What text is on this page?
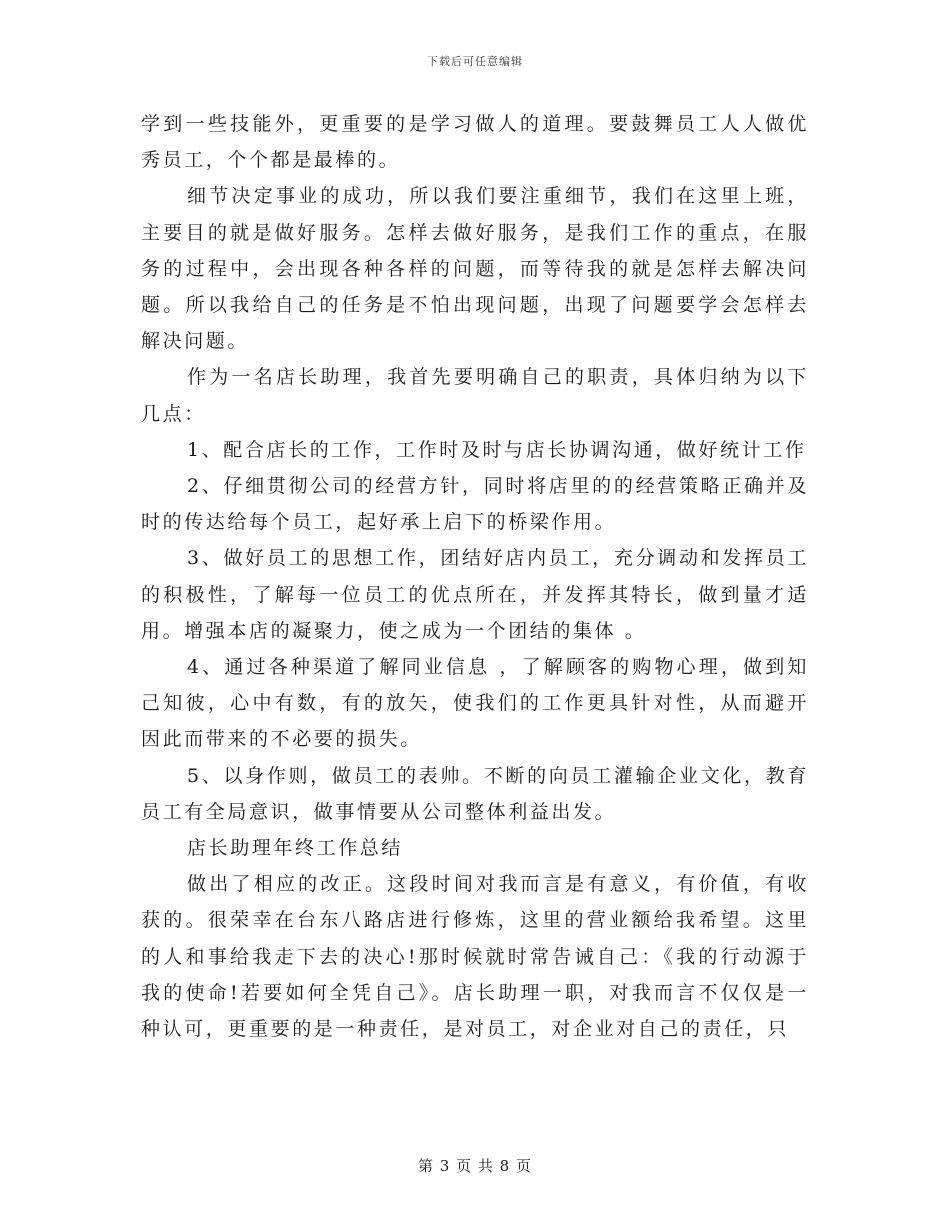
下载后可任意编辑

学到一些技能外，更重要的是学习做人的道理。要鼓舞员工人人做优秀员工，个个都是最棒的。

细节决定事业的成功，所以我们要注重细节，我们在这里上班，主要目的就是做好服务。怎样去做好服务，是我们工作的重点，在服务的过程中，会出现各种各样的问题，而等待我的就是怎样去解决问题。所以我给自己的任务是不怕出现问题，出现了问题要学会怎样去解决问题。

作为一名店长助理，我首先要明确自己的职责，具体归纳为以下几点：

1、配合店长的工作，工作时及时与店长协调沟通，做好统计工作

2、仔细贯彻公司的经营方针，同时将店里的的经营策略正确并及时的传达给每个员工，起好承上启下的桥梁作用。

3、做好员工的思想工作，团结好店内员工，充分调动和发挥员工的积极性，了解每一位员工的优点所在，并发挥其特长，做到量才适用。增强本店的凝聚力，使之成为一个团结的集体 。

4、通过各种渠道了解同业信息 ，了解顾客的购物心理，做到知己知彼，心中有数，有的放矢，使我们的工作更具针对性，从而避开因此而带来的不必要的损失。

5、以身作则，做员工的表帅。不断的向员工灌输企业文化，教育员工有全局意识，做事情要从公司整体利益出发。

店长助理年终工作总结

做出了相应的改正。这段时间对我而言是有意义，有价值，有收获的。很荣幸在台东八路店进行修炼，这里的营业额给我希望。这里的人和事给我走下去的决心!那时候就时常告诫自己：《我的行动源于我的使命!若要如何全凭自己》。店长助理一职，对我而言不仅仅是一种认可，更重要的是一种责任，是对员工，对企业对自己的责任，只

第 3 页 共 8 页
